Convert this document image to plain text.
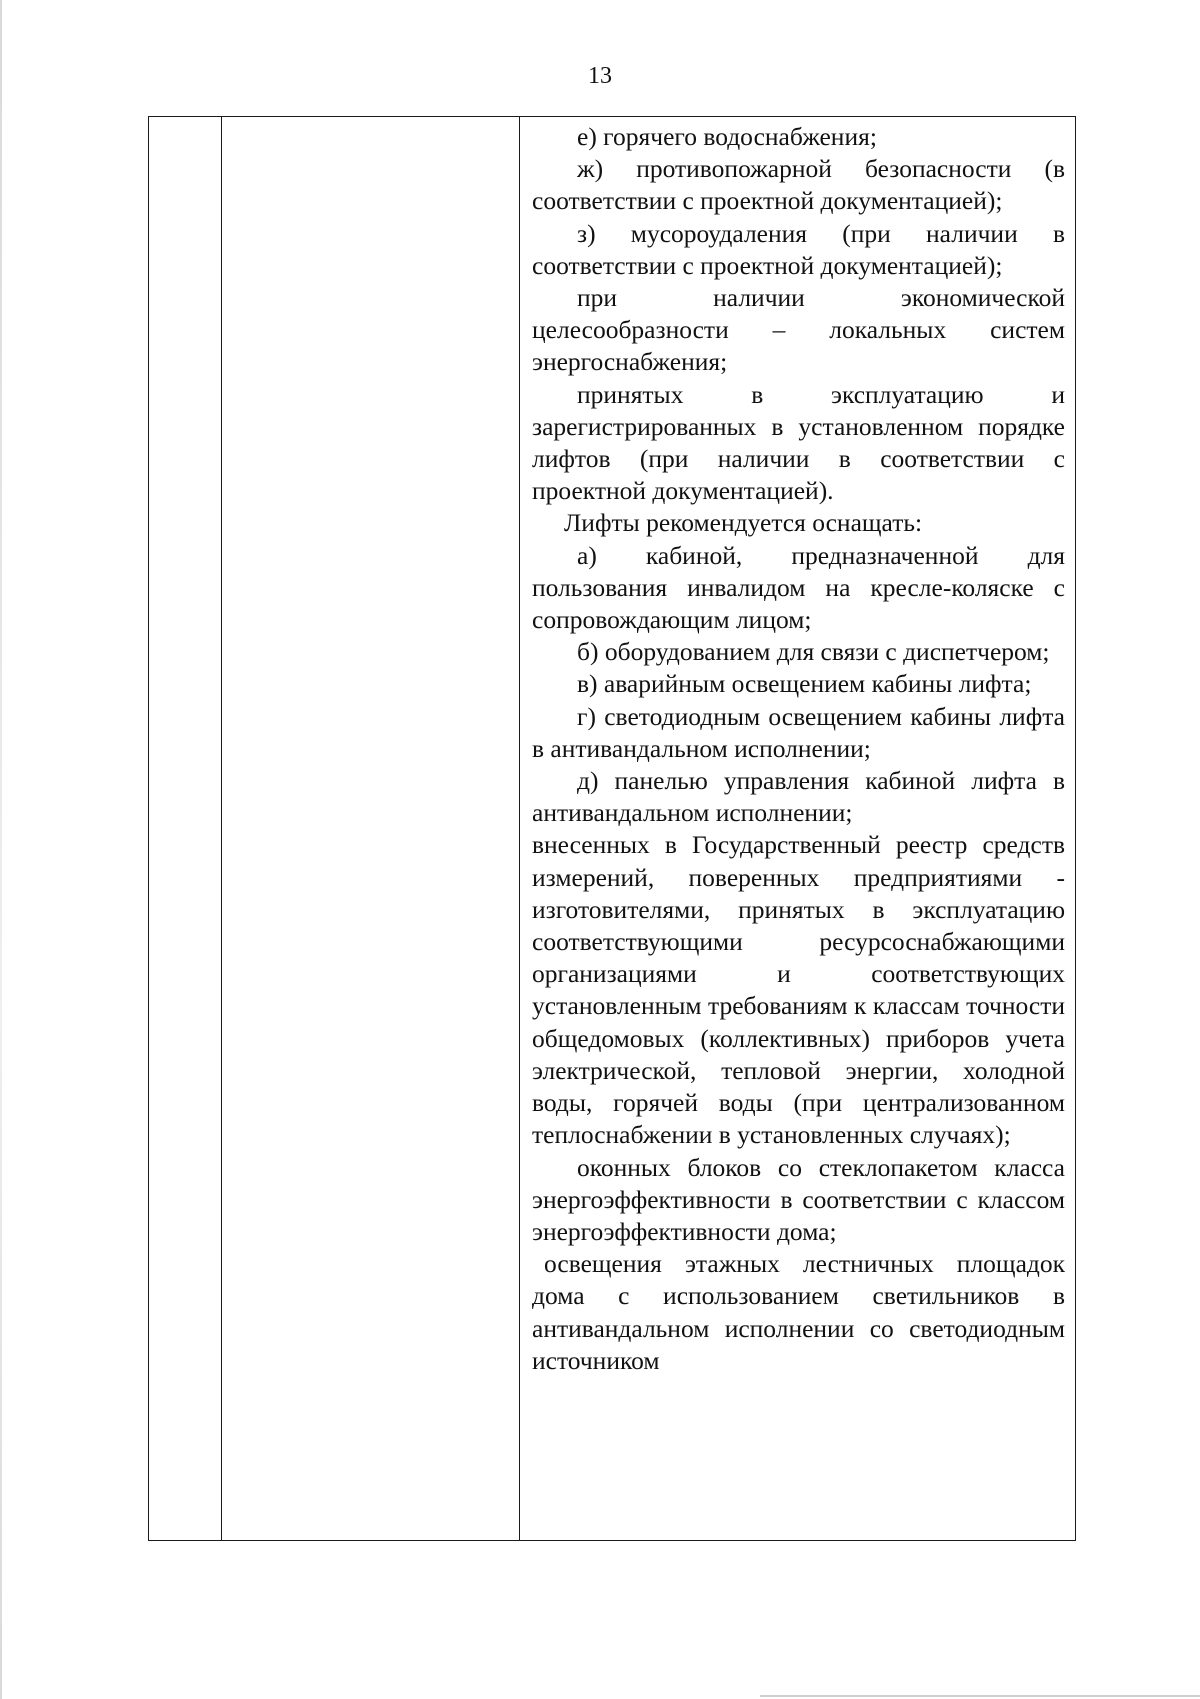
13

е) горячего водоснабжения;

ж) противопожарной безопасности (в соответствии с проектной документацией);

з) мусороудаления (при наличии в соответствии с проектной документацией);

при наличии экономической целесообразности – локальных систем энергоснабжения;

принятых в эксплуатацию и зарегистрированных в установленном порядке лифтов (при наличии в соответствии с проектной документацией).

Лифты рекомендуется оснащать:

а) кабиной, предназначенной для пользования инвалидом на кресле-коляске с сопровождающим лицом;

б) оборудованием для связи с диспетчером;

в) аварийным освещением кабины лифта;

г) светодиодным освещением кабины лифта в антивандальном исполнении;

д) панелью управления кабиной лифта в антивандальном исполнении;

внесенных в Государственный реестр средств измерений, поверенных предприятиями - изготовителями, принятых в эксплуатацию соответствующими ресурсоснабжающими организациями и соответствующих установленным требованиям к классам точности общедомовых (коллективных) приборов учета электрической, тепловой энергии, холодной воды, горячей воды (при централизованном теплоснабжении в установленных случаях);

оконных блоков со стеклопакетом класса энергоэффективности в соответствии с классом энергоэффективности дома;

освещения этажных лестничных площадок дома с использованием светильников в антивандальном исполнении со светодиодным источником
